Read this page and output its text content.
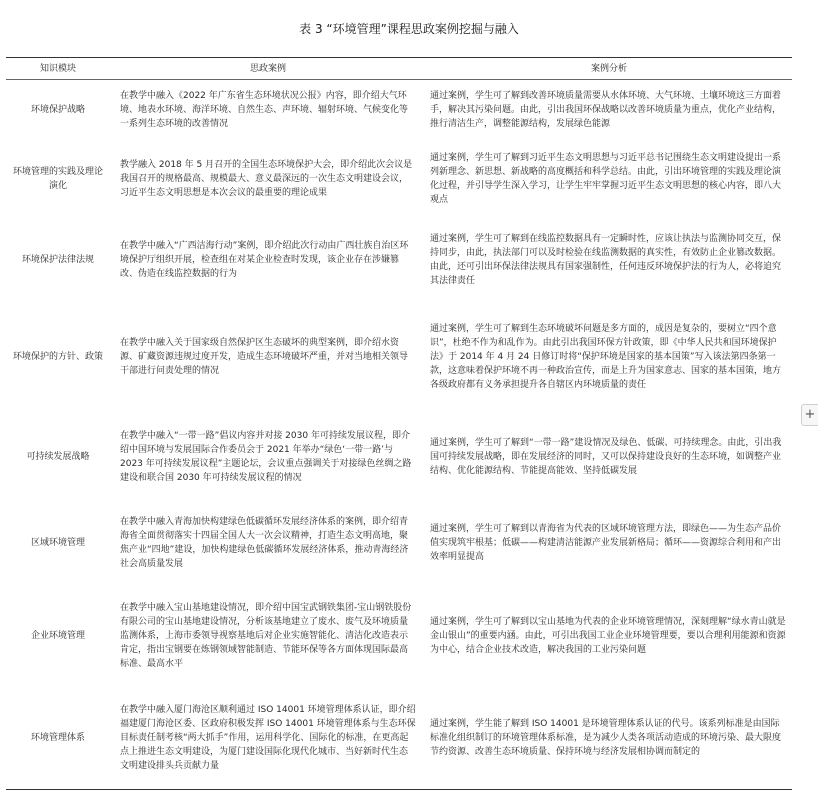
表 3 “环境管理”课程思政案例挖掘与融入
知识模块	思政案例	案例分析
环境保护战略
在教学中融入《2022 年广东省生态环境状况公报》内容，即介绍大气环境、地表水环境、海洋环境、自然生态、声环境、辐射环境、气候变化等一系列生态环境的改善情况
通过案例，学生可了解到改善环境质量需要从水体环境、大气环境、土壤环境这三方面着手，解决其污染问题。由此，引出我国环保战略以改善环境质量为重点，优化产业结构，推行清洁生产，调整能源结构，发展绿色能源
环境管理的实践及理论演化
教学融入 2018 年 5 月召开的全国生态环境保护大会，即介绍此次会议是我国召开的规格最高、规模最大、意义最深远的一次生态文明建设会议，习近平生态文明思想是本次会议的最重要的理论成果
通过案例，学生可了解到习近平生态文明思想与习近平总书记围绕生态文明建设提出一系列新理念、新思想、新战略的高度概括和科学总结。由此，引出环境管理的实践及理论演化过程，并引导学生深入学习，让学生牢牢掌握习近平生态文明思想的核心内容，即八大观点
环境保护法律法规
在教学中融入“广西洁海行动”案例，即介绍此次行动由广西壮族自治区环境保护厅组织开展，检查组在对某企业检查时发现，该企业存在涉嫌篡改、伪造在线监控数据的行为
通过案例，学生可了解到在线监控数据具有一定瞬时性，应该让执法与监测协同交互，保持同步，由此，执法部门可以及时检验在线监测数据的真实性，有效防止企业篡改数据。由此，还可引出环保法律法规具有国家强制性，任何违反环境保护法的行为人，必将追究其法律责任
环境保护的方针、政策
在教学中融入关于国家级自然保护区生态破坏的典型案例，即介绍水资源、矿藏资源违规过度开发，造成生态环境破坏严重，并对当地相关领导干部进行问责处理的情况
通过案例，学生可了解到生态环境破坏问题是多方面的，成因是复杂的，要树立“四个意识”，杜绝不作为和乱作为。由此引出我国环保方针政策，即《中华人民共和国环境保护法》于 2014 年 4 月 24 日修订时将“保护环境是国家的基本国策”写入该法第四条第一款，这意味着保护环境不再一种政治宣传，而是上升为国家意志、国家的基本国策，地方各级政府都有义务承担提升各自辖区内环境质量的责任
可持续发展战略
在教学中融入“一带一路”倡议内容并对接 2030 年可持续发展议程，即介绍中国环境与发展国际合作委员会于 2021 年举办“绿色‘一带一路’与 2023 年可持续发展议程”主题论坛，会议重点强调关于对接绿色丝绸之路建设和联合国 2030 年可持续发展议程的情况
通过案例，学生可了解到“一带一路”建设情况及绿色、低碳、可持续理念。由此，引出我国可持续发展战略，即在发展经济的同时，又可以保持建设良好的生态环境，如调整产业结构、优化能源结构、节能提高能效、坚持低碳发展
区域环境管理
在教学中融入青海加快构建绿色低碳循环发展经济体系的案例，即介绍青海省全面贯彻落实十四届全国人大一次会议精神，打造生态文明高地，聚焦产业“四地”建设，加快构建绿色低碳循环发展经济体系，推动青海经济社会高质量发展
通过案例，学生可了解到以青海省为代表的区域环境管理方法，即绿色——为生态产品价值实现筑牢根基；低碳——构建清洁能源产业发展新格局；循环——资源综合利用和产出效率明显提高
企业环境管理
在教学中融入宝山基地建设情况，即介绍中国宝武钢铁集团-宝山钢铁股份有限公司的宝山基地建设情况，分析该基地建立了废水、废气及环境质量监测体系，上海市委领导视察基地后对企业实施智能化、清洁化改造表示肯定，指出宝钢要在炼钢领域智能制造、节能环保等各方面体现国际最高标准、最高水平
通过案例，学生可了解到以宝山基地为代表的企业环境管理情况，深刻理解“绿水青山就是金山银山”的重要内涵。由此，可引出我国工业企业环境管理要，要以合理利用能源和资源为中心，结合企业技术改造，解决我国的工业污染问题
环境管理体系
在教学中融入厦门海沧区顺利通过 ISO 14001 环境管理体系认证，即介绍福建厦门海沧区委、区政府积极发挥 ISO 14001 环境管理体系与生态环保目标责任制考核“两大抓手”作用，运用科学化、国际化的标准，在更高起点上推进生态文明建设，为厦门建设国际化现代化城市、当好新时代生态文明建设排头兵贡献力量
通过案例，学生能了解到 ISO 14001 是环境管理体系认证的代号。该系列标准是由国际标准化组织制订的环境管理体系标准，是为减少人类各项活动造成的环境污染、最大限度节约资源、改善生态环境质量、保持环境与经济发展相协调而制定的
+
